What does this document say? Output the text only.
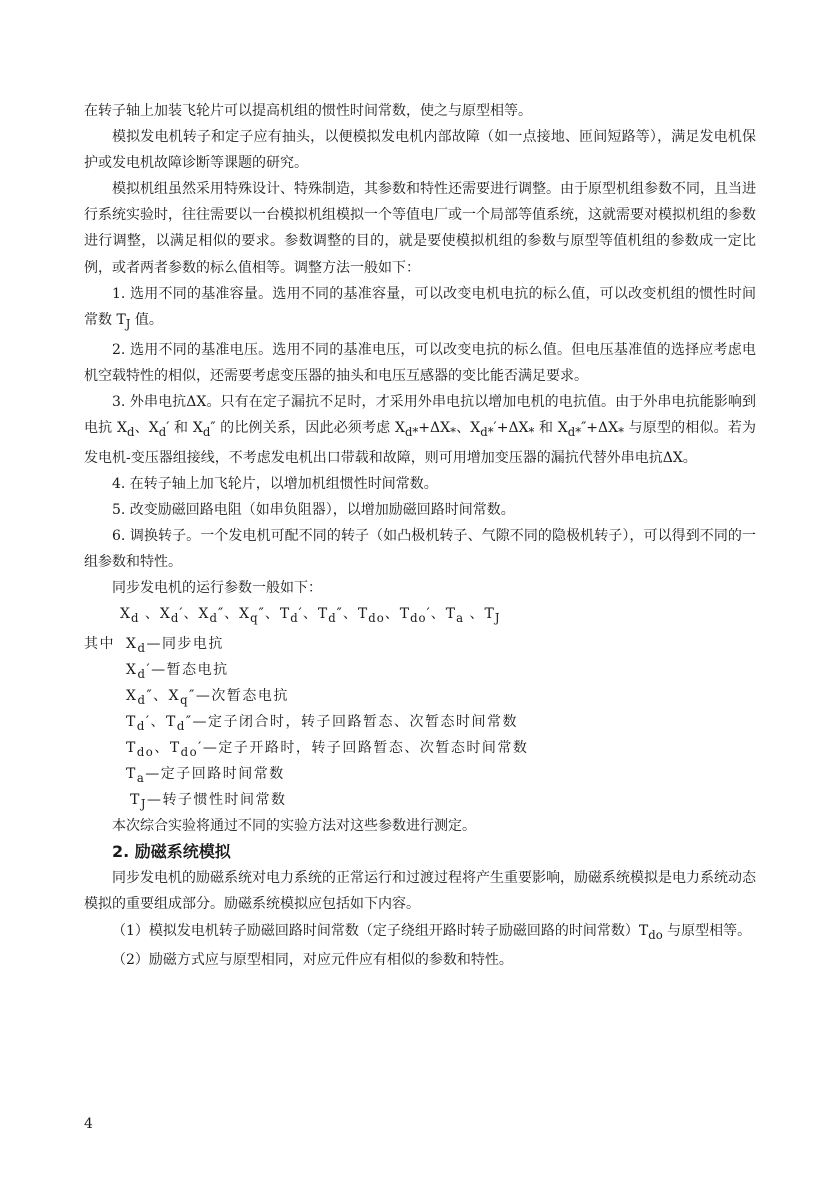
在转子轴上加装飞轮片可以提高机组的惯性时间常数，使之与原型相等。

模拟发电机转子和定子应有抽头，以便模拟发电机内部故障（如一点接地、匝间短路等），满足发电机保护或发电机故障诊断等课题的研究。

模拟机组虽然采用特殊设计、特殊制造，其参数和特性还需要进行调整。由于原型机组参数不同，且当进行系统实验时，往往需要以一台模拟机组模拟一个等值电厂或一个局部等值系统，这就需要对模拟机组的参数进行调整，以满足相似的要求。参数调整的目的，就是要使模拟机组的参数与原型等值机组的参数成一定比例，或者两者参数的标么值相等。调整方法一般如下：

1. 选用不同的基准容量。选用不同的基准容量，可以改变电机电抗的标么值，可以改变机组的惯性时间常数 $T_J$ 值。

2. 选用不同的基准电压。选用不同的基准电压，可以改变电抗的标么值。但电压基准值的选择应考虑电机空载特性的相似，还需要考虑变压器的抽头和电压互感器的变比能否满足要求。

3. 外串电抗ΔX。只有在定子漏抗不足时，才采用外串电抗以增加电机的电抗值。由于外串电抗能影响到电抗 $X_d$、$X_d'$ 和 $X_d''$ 的比例关系，因此必须考虑 $X_{d*}+\Delta X_*$、$X_{d*}'+\Delta X_*$ 和 $X_{d*}''+\Delta X_*$ 与原型的相似。若为发电机-变压器组接线，不考虑发电机出口带载和故障，则可用增加变压器的漏抗代替外串电抗ΔX。

4. 在转子轴上加飞轮片，以增加机组惯性时间常数。

5. 改变励磁回路电阻（如串负阻器），以增加励磁回路时间常数。

6. 调换转子。一个发电机可配不同的转子（如凸极机转子、气隙不同的隐极机转子），可以得到不同的一组参数和特性。

同步发电机的运行参数一般如下：

$X_d$ 、$X_d'$、$X_d''$、$X_q''$、$T_d'$、$T_d''$、$T_{do}$、$T_{do}'$、$T_a$ 、$T_J$

其中 $X_d—$同步电抗
$X_d'—$暂态电抗
$X_d''$、$X_q''—$次暂态电抗
$T_d'$、$T_d''—$定子闭合时，转子回路暂态、次暂态时间常数
$T_{do}$、$T_{do}'—$定子开路时，转子回路暂态、次暂态时间常数
$T_a—$定子回路时间常数
$T_J—$转子惯性时间常数

本次综合实验将通过不同的实验方法对这些参数进行测定。

2. 励磁系统模拟

同步发电机的励磁系统对电力系统的正常运行和过渡过程将产生重要影响，励磁系统模拟是电力系统动态模拟的重要组成部分。励磁系统模拟应包括如下内容。

（1）模拟发电机转子励磁回路时间常数（定子绕组开路时转子励磁回路的时间常数）$T_{do}$ 与原型相等。

（2）励磁方式应与原型相同，对应元件应有相似的参数和特性。

4
